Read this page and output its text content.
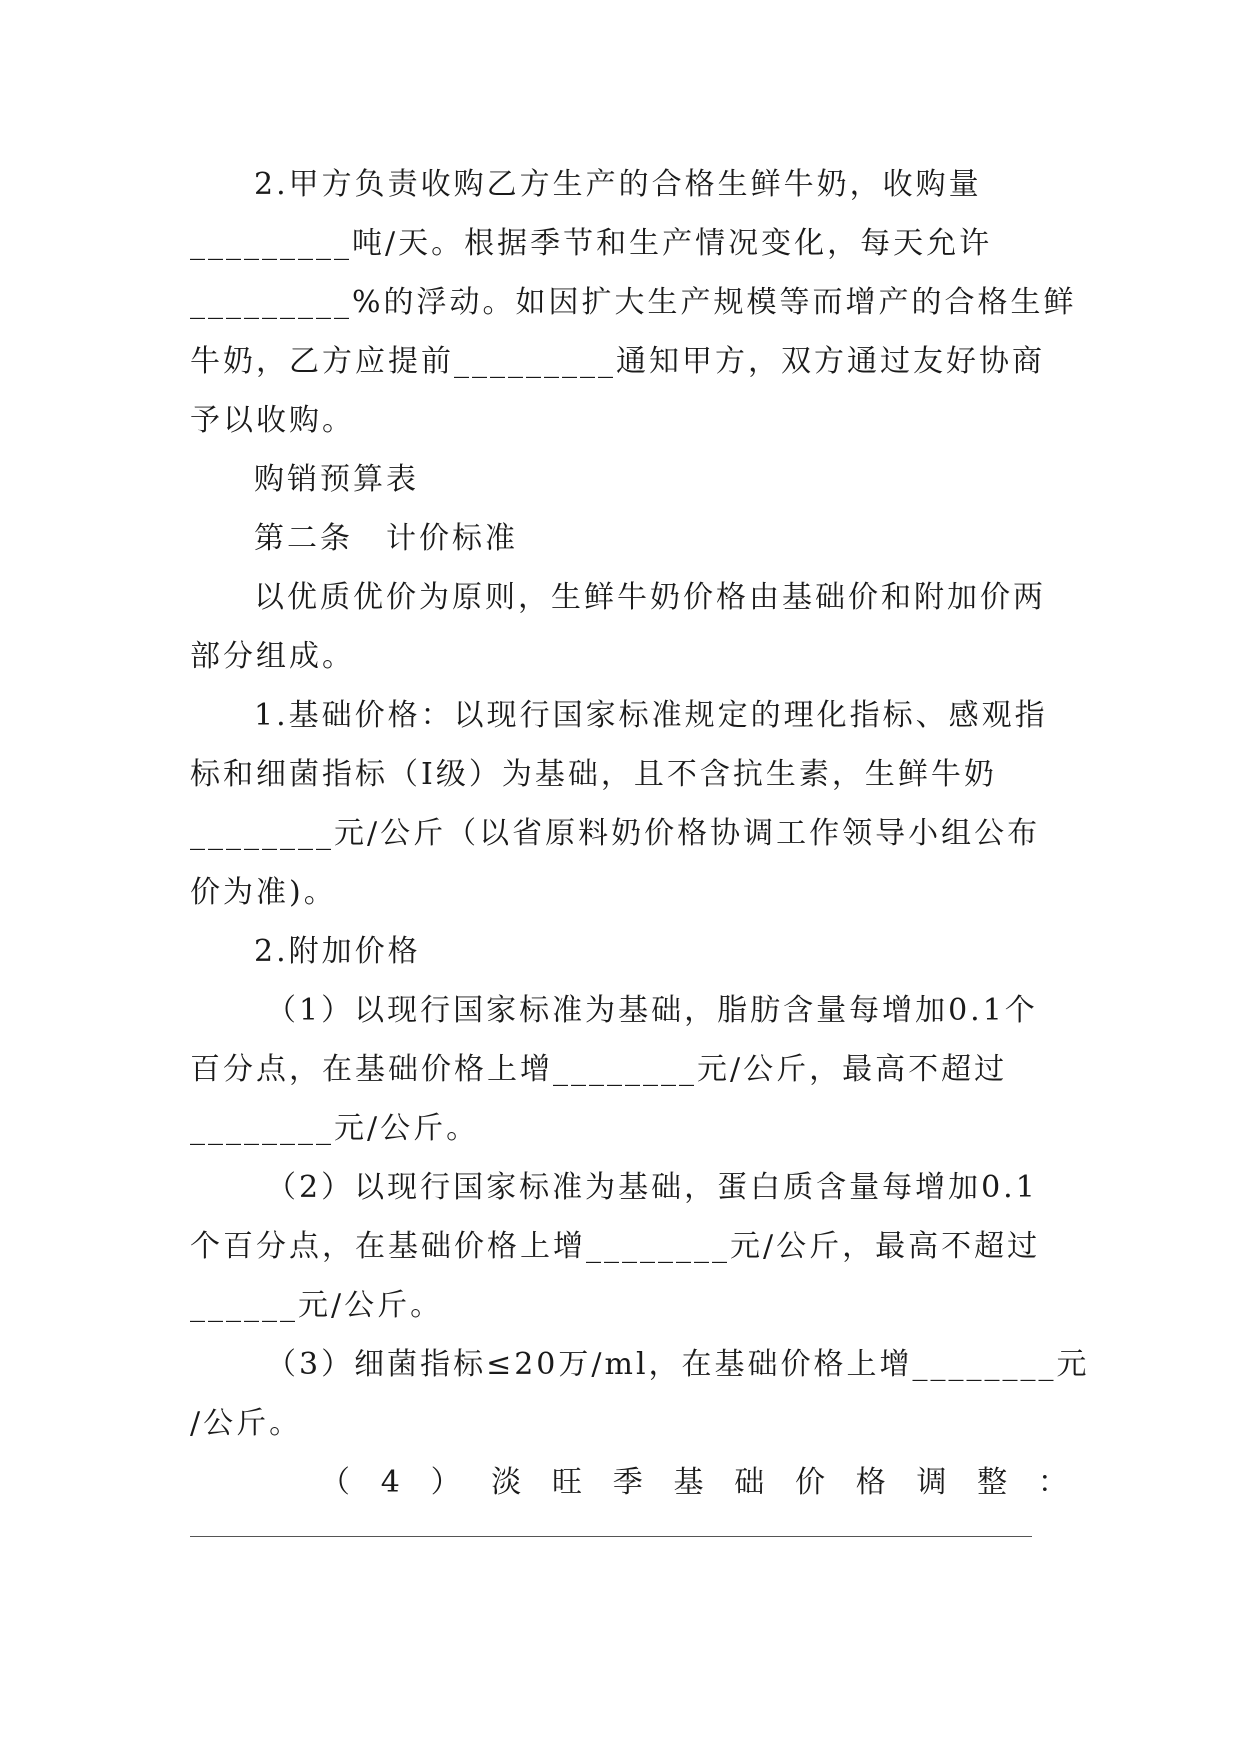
2.甲方负责收购乙方生产的合格生鲜牛奶，收购量
_________吨/天。根据季节和生产情况变化，每天允许
_________%的浮动。如因扩大生产规模等而增产的合格生鲜
牛奶，乙方应提前_________通知甲方，双方通过友好协商
予以收购。
购销预算表
第二条　计价标准
以优质优价为原则，生鲜牛奶价格由基础价和附加价两
部分组成。
1.基础价格：以现行国家标准规定的理化指标、感观指
标和细菌指标（Ⅰ级）为基础，且不含抗生素，生鲜牛奶
________元/公斤（以省原料奶价格协调工作领导小组公布
价为准)。
2.附加价格
（1）以现行国家标准为基础，脂肪含量每增加0.1个
百分点，在基础价格上增________元/公斤，最高不超过
________元/公斤。
（2）以现行国家标准为基础，蛋白质含量每增加0.1
个百分点，在基础价格上增________元/公斤，最高不超过
______元/公斤。
（3）细菌指标≤20万/ml，在基础价格上增________元
/公斤。
（ 4 ） 淡 旺 季 基 础 价 格 调 整 ：
